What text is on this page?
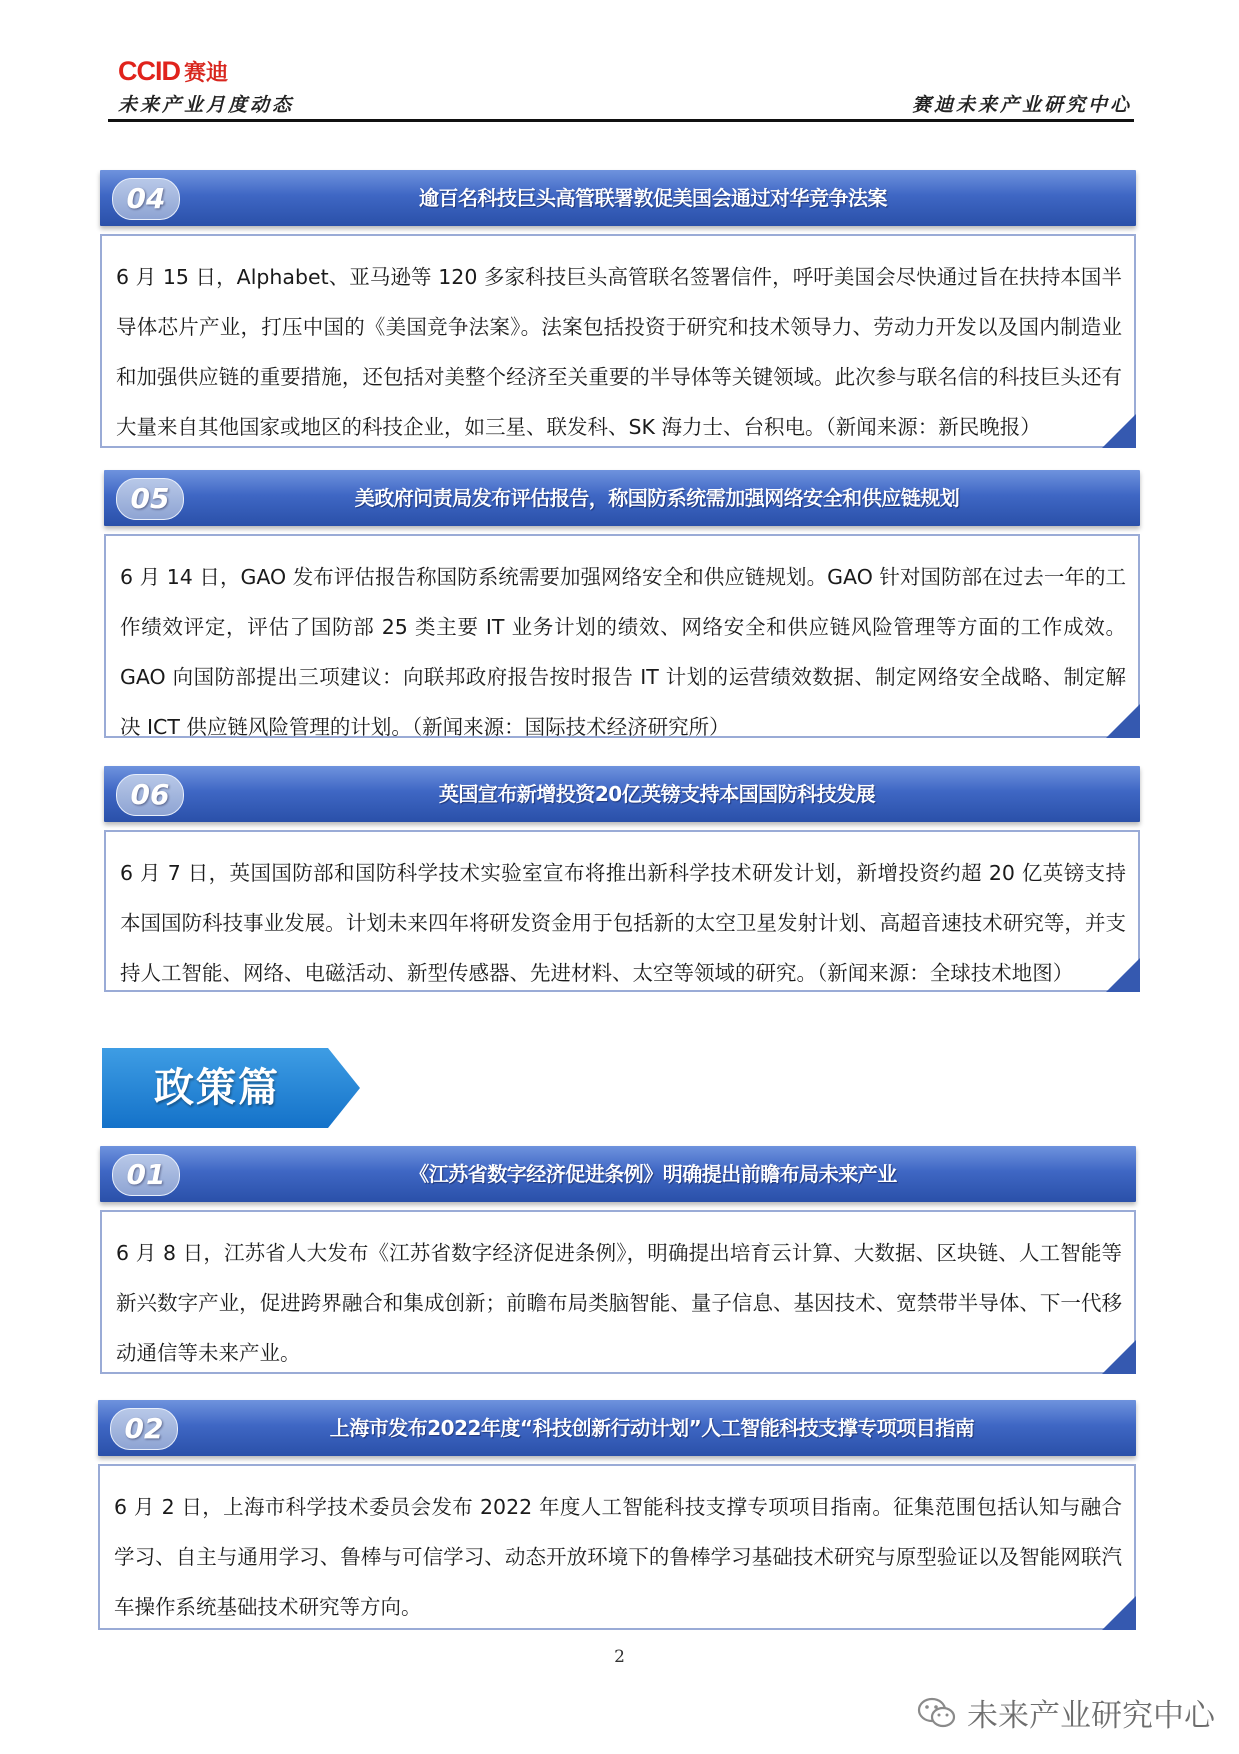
CCID 赛迪
未来产业月度动态	赛迪未来产业研究中心
04	逾百名科技巨头高管联署敦促美国会通过对华竞争法案
6 月 15 日，Alphabet、亚马逊等 120 多家科技巨头高管联名签署信件，呼吁美国会尽快通过旨在扶持本国半导体芯片产业，打压中国的《美国竞争法案》。法案包括投资于研究和技术领导力、劳动力开发以及国内制造业和加强供应链的重要措施，还包括对美整个经济至关重要的半导体等关键领域。此次参与联名信的科技巨头还有大量来自其他国家或地区的科技企业，如三星、联发科、SK 海力士、台积电。（新闻来源：新民晚报）
05	美政府问责局发布评估报告，称国防系统需加强网络安全和供应链规划
6 月 14 日，GAO 发布评估报告称国防系统需要加强网络安全和供应链规划。GAO 针对国防部在过去一年的工作绩效评定，评估了国防部 25 类主要 IT 业务计划的绩效、网络安全和供应链风险管理等方面的工作成效。GAO 向国防部提出三项建议：向联邦政府报告按时报告 IT 计划的运营绩效数据、制定网络安全战略、制定解决 ICT 供应链风险管理的计划。（新闻来源：国际技术经济研究所）
06	英国宣布新增投资20亿英镑支持本国国防科技发展
6 月 7 日，英国国防部和国防科学技术实验室宣布将推出新科学技术研发计划，新增投资约超 20 亿英镑支持本国国防科技事业发展。计划未来四年将研发资金用于包括新的太空卫星发射计划、高超音速技术研究等，并支持人工智能、网络、电磁活动、新型传感器、先进材料、太空等领域的研究。（新闻来源：全球技术地图）
政策篇
01	《江苏省数字经济促进条例》明确提出前瞻布局未来产业
6 月 8 日，江苏省人大发布《江苏省数字经济促进条例》，明确提出培育云计算、大数据、区块链、人工智能等新兴数字产业，促进跨界融合和集成创新；前瞻布局类脑智能、量子信息、基因技术、宽禁带半导体、下一代移动通信等未来产业。
02	上海市发布2022年度“科技创新行动计划”人工智能科技支撑专项项目指南
6 月 2 日，上海市科学技术委员会发布 2022 年度人工智能科技支撑专项项目指南。征集范围包括认知与融合学习、自主与通用学习、鲁棒与可信学习、动态开放环境下的鲁棒学习基础技术研究与原型验证以及智能网联汽车操作系统基础技术研究等方向。
2
未来产业研究中心
